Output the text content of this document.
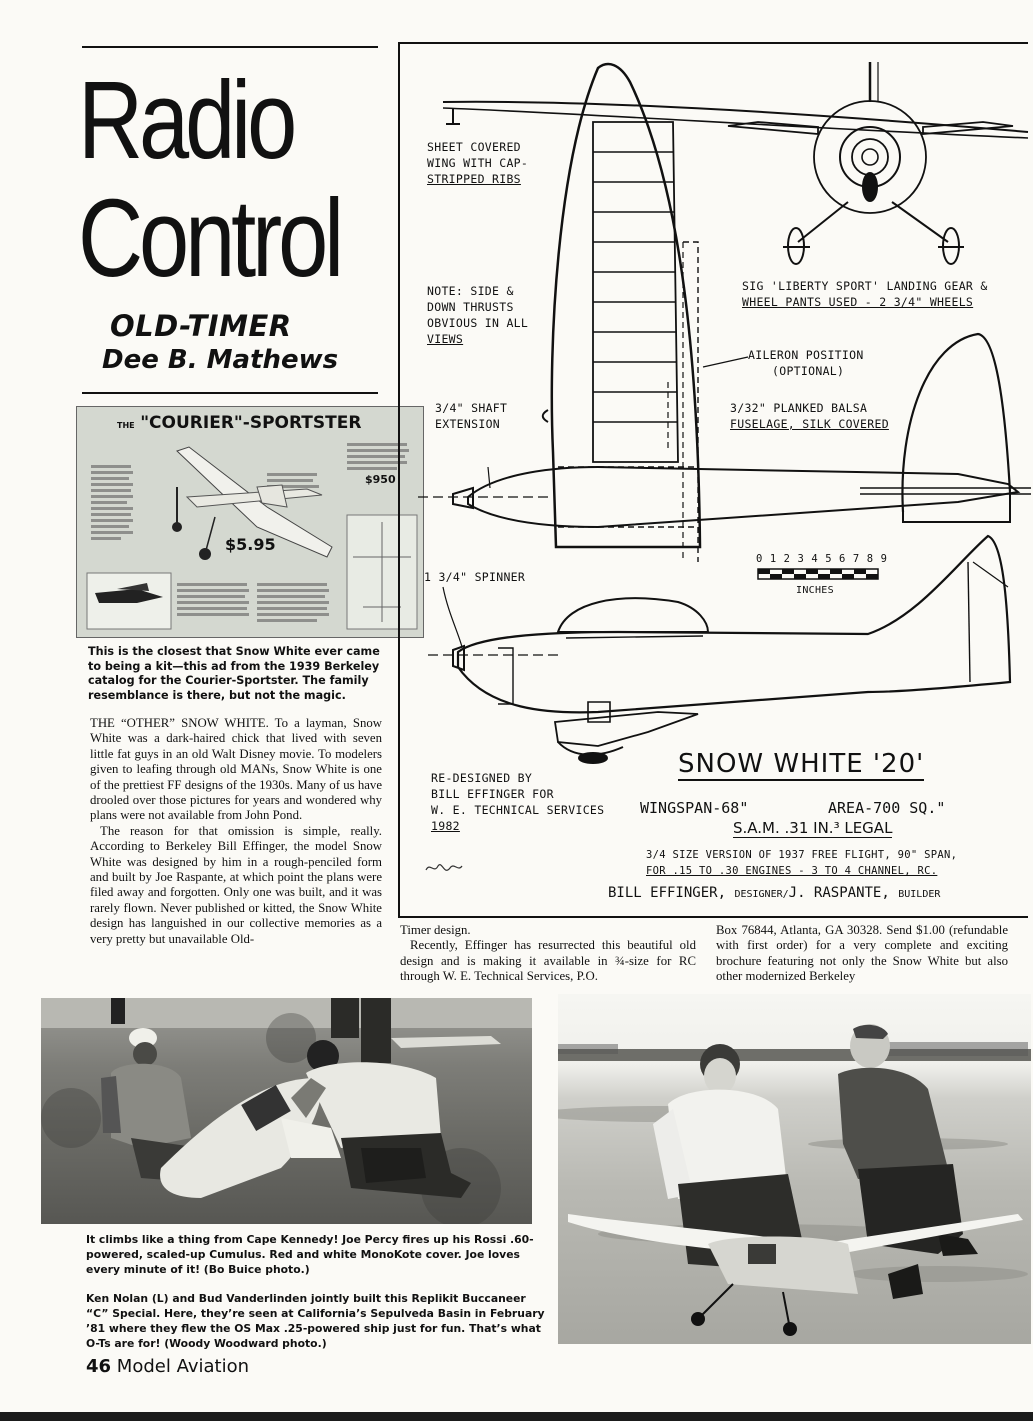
Radio
Control
OLD-TIMER
Dee B. Mathews
THE "COURIER"-SPORTSTER
$950
$5.95
This is the closest that Snow White ever came to being a kit—this ad from the 1939 Berkeley catalog for the Courier-Sportster. The family resemblance is there, but not the magic.

THE “OTHER” SNOW WHITE. To a layman, Snow White was a dark-haired chick that lived with seven little fat guys in an old Walt Disney movie. To modelers given to leafing through old MANs, Snow White is one of the prettiest FF designs of the 1930s. Many of us have drooled over those pictures for years and wondered why plans were not available from John Pond.

The reason for that omission is simple, really. According to Berkeley Bill Effinger, the model Snow White was designed by him in a rough-penciled form and built by Joe Raspante, at which point the plans were filed away and forgotten. Only one was built, and it was rarely flown. Never published or kitted, the Snow White design has languished in our collective memories as a very pretty but unavailable Old-

Timer design.

Recently, Effinger has resurrected this beautiful old design and is making it available in ¾-size for RC through W. E. Technical Services, P.O.

Box 76844, Atlanta, GA 30328. Send $1.00 (refundable with first order) for a very complete and exciting brochure featuring not only the Snow White but also other modernized Berkeley

SHEET COVERED
WING WITH CAP-
STRIPPED RIBS
NOTE: SIDE &
DOWN THRUSTS
OBVIOUS IN ALL
VIEWS
3/4" SHAFT
EXTENSION
1 3/4" SPINNER
SIG 'LIBERTY SPORT' LANDING GEAR &
WHEEL PANTS USED - 2 3/4" WHEELS
AILERON POSITION
(OPTIONAL)
3/32" PLANKED BALSA
FUSELAGE, SILK COVERED
0 1 2 3 4 5 6 7 8 9
INCHES
SNOW WHITE '20'
RE-DESIGNED BY
BILL EFFINGER FOR
W. E. TECHNICAL SERVICES
1982
WINGSPAN-68"	AREA-700 SQ."
S.A.M. .31 IN.³ LEGAL
3/4 SIZE VERSION OF 1937 FREE FLIGHT, 90" SPAN,
FOR .15 TO .30 ENGINES - 3 TO 4 CHANNEL, RC.
BILL EFFINGER, DESIGNER/J. RASPANTE, BUILDER
It climbs like a thing from Cape Kennedy! Joe Percy fires up his Rossi .60-powered, scaled-up Cumulus. Red and white MonoKote cover. Joe loves every minute of it! (Bo Buice photo.)
Ken Nolan (L) and Bud Vanderlinden jointly built this Replikit Buccaneer “C” Special. Here, they’re seen at California’s Sepulveda Basin in February ’81 where they flew the OS Max .25-powered ship just for fun. That’s what O-Ts are for! (Woody Woodward photo.)
46 Model Aviation
